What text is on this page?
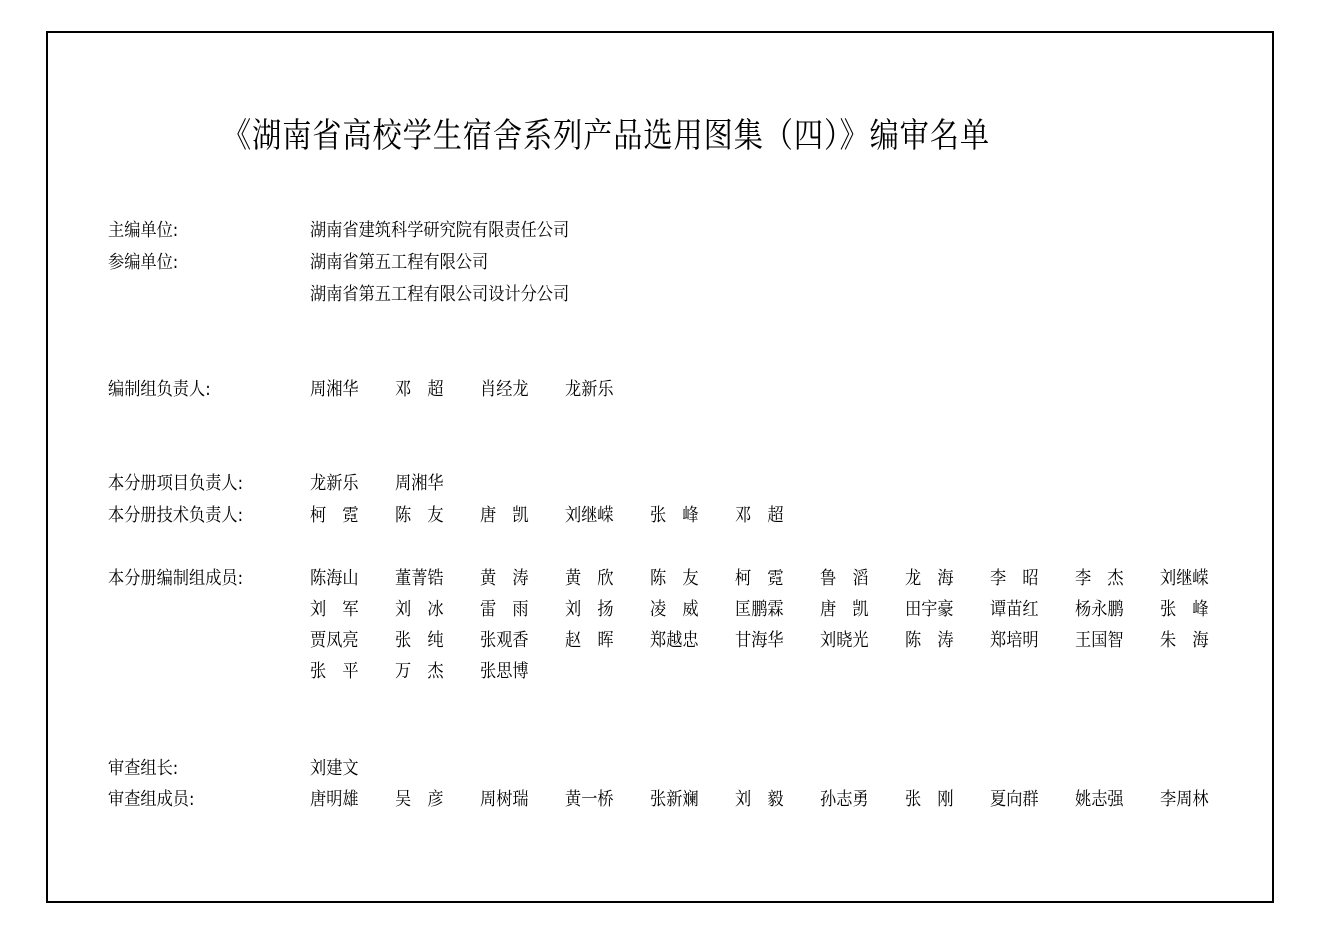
《湖南省高校学生宿舍系列产品选用图集（四）》编审名单
主编单位:	湖南省建筑科学研究院有限责任公司
参编单位:	湖南省第五工程有限公司
湖南省第五工程有限公司设计分公司
编制组负责人:
本分册项目负责人:
本分册技术负责人:
本分册编制组成员:
审查组长:
审查组成员:
周湘华 邓　超 肖经龙 龙新乐
龙新乐 周湘华
柯　霓 陈　友 唐　凯 刘继嵘 张　峰 邓　超
陈海山 董菁锆 黄　涛 黄　欣 陈　友 柯　霓 鲁　滔 龙　海 李　昭 李　杰 刘继嵘
刘　军 刘　冰 雷　雨 刘　扬 凌　威 匡鹏霖 唐　凯 田宇豪 谭苗红 杨永鹏 张　峰
贾凤亮 张　纯 张观香 赵　晖 郑越忠 甘海华 刘晓光 陈　涛 郑培明 王国智 朱　海
张　平 万　杰 张思博
刘建文
唐明雄 吴　彦 周树瑞 黄一桥 张新斓 刘　毅 孙志勇 张　刚 夏向群 姚志强 李周林
